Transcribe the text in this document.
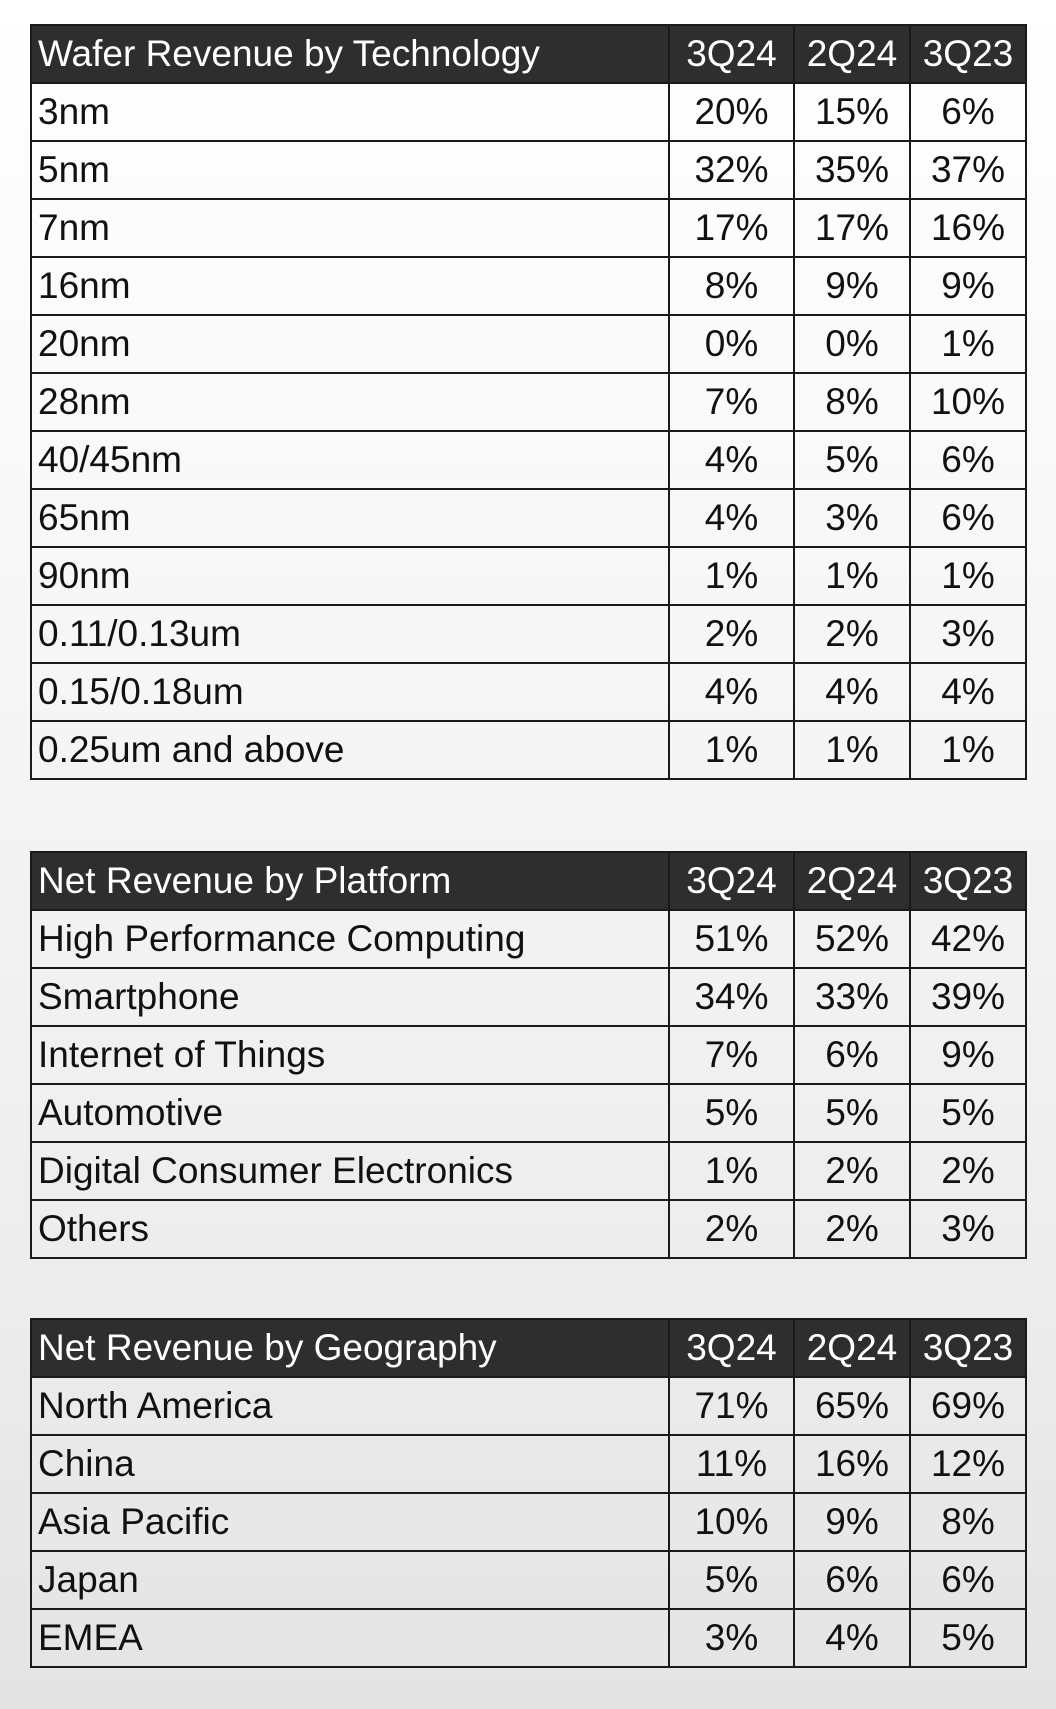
Wafer Revenue by Technology	3Q24	2Q24	3Q23
3nm	20%	15%	6%
5nm	32%	35%	37%
7nm	17%	17%	16%
16nm	8%	9%	9%
20nm	0%	0%	1%
28nm	7%	8%	10%
40/45nm	4%	5%	6%
65nm	4%	3%	6%
90nm	1%	1%	1%
0.11/0.13um	2%	2%	3%
0.15/0.18um	4%	4%	4%
0.25um and above	1%	1%	1%
Net Revenue by Platform	3Q24	2Q24	3Q23
High Performance Computing	51%	52%	42%
Smartphone	34%	33%	39%
Internet of Things	7%	6%	9%
Automotive	5%	5%	5%
Digital Consumer Electronics	1%	2%	2%
Others	2%	2%	3%
Net Revenue by Geography	3Q24	2Q24	3Q23
North America	71%	65%	69%
China	11%	16%	12%
Asia Pacific	10%	9%	8%
Japan	5%	6%	6%
EMEA	3%	4%	5%
